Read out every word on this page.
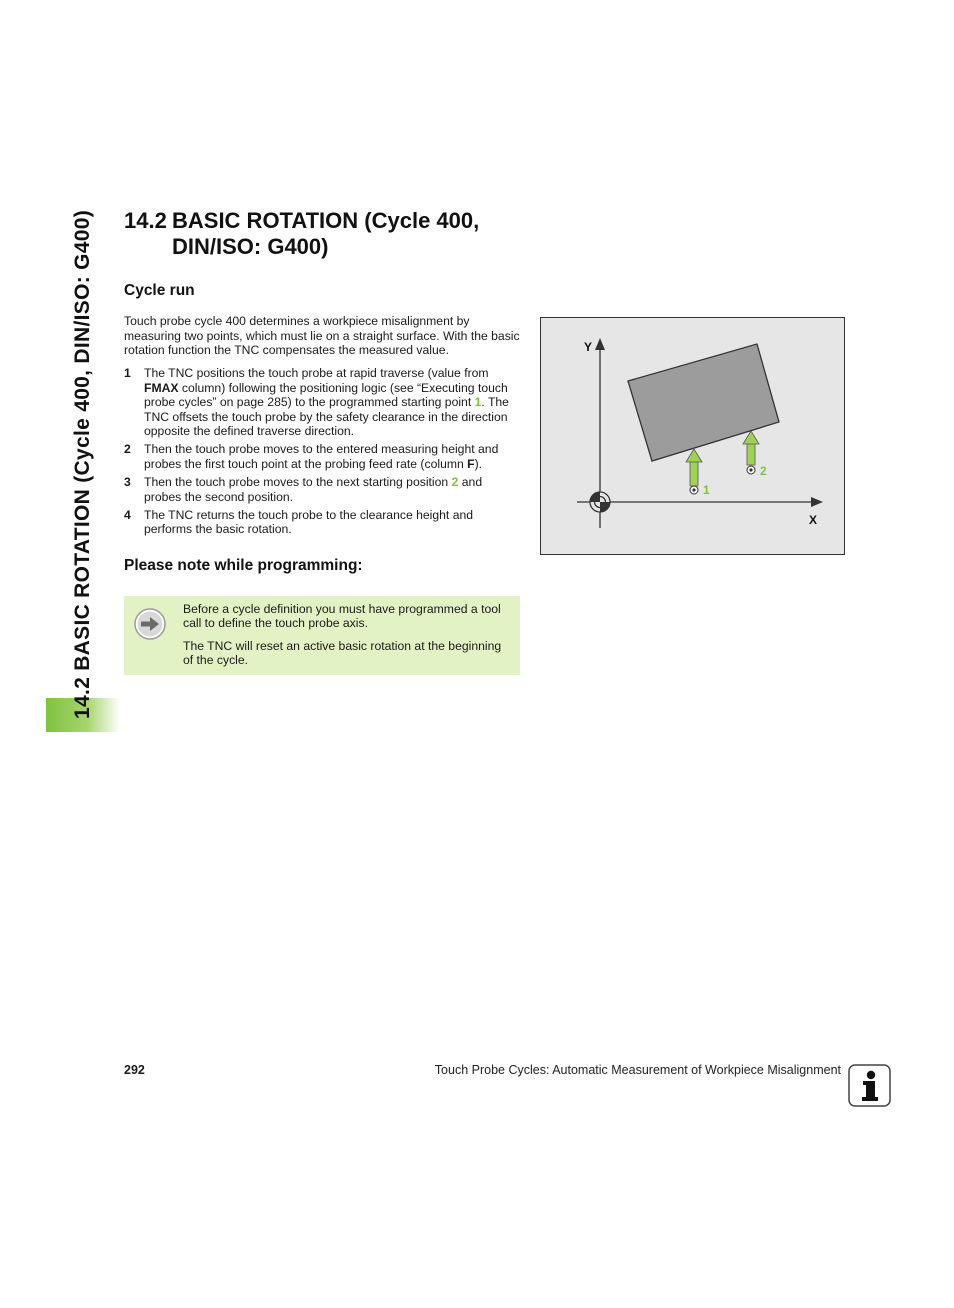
14.2 BASIC ROTATION (Cycle 400, DIN/ISO: G400)	14.2 BASIC ROTATION (Cycle 400,
DIN/ISO: G400)
Cycle run

Touch probe cycle 400 determines a workpiece misalignment by measuring two points, which must lie on a straight surface. With the basic rotation function the TNC compensates the measured value.

1 The TNC positions the touch probe at rapid traverse (value from FMAX column) following the positioning logic (see “Executing touch probe cycles” on page 285) to the programmed starting point 1. The TNC offsets the touch probe by the safety clearance in the direction opposite the defined traverse direction.
2 Then the touch probe moves to the entered measuring height and probes the first touch point at the probing feed rate (column F).
3 Then the touch probe moves to the next starting position 2 and probes the second position.
4 The TNC returns the touch probe to the clearance height and performs the basic rotation.
Please note while programming:

Before a cycle definition you must have programmed a tool call to define the touch probe axis.

The TNC will reset an active basic rotation at the beginning of the cycle.

Y
X
1
2
292	Touch Probe Cycles: Automatic Measurement of Workpiece Misalignment
